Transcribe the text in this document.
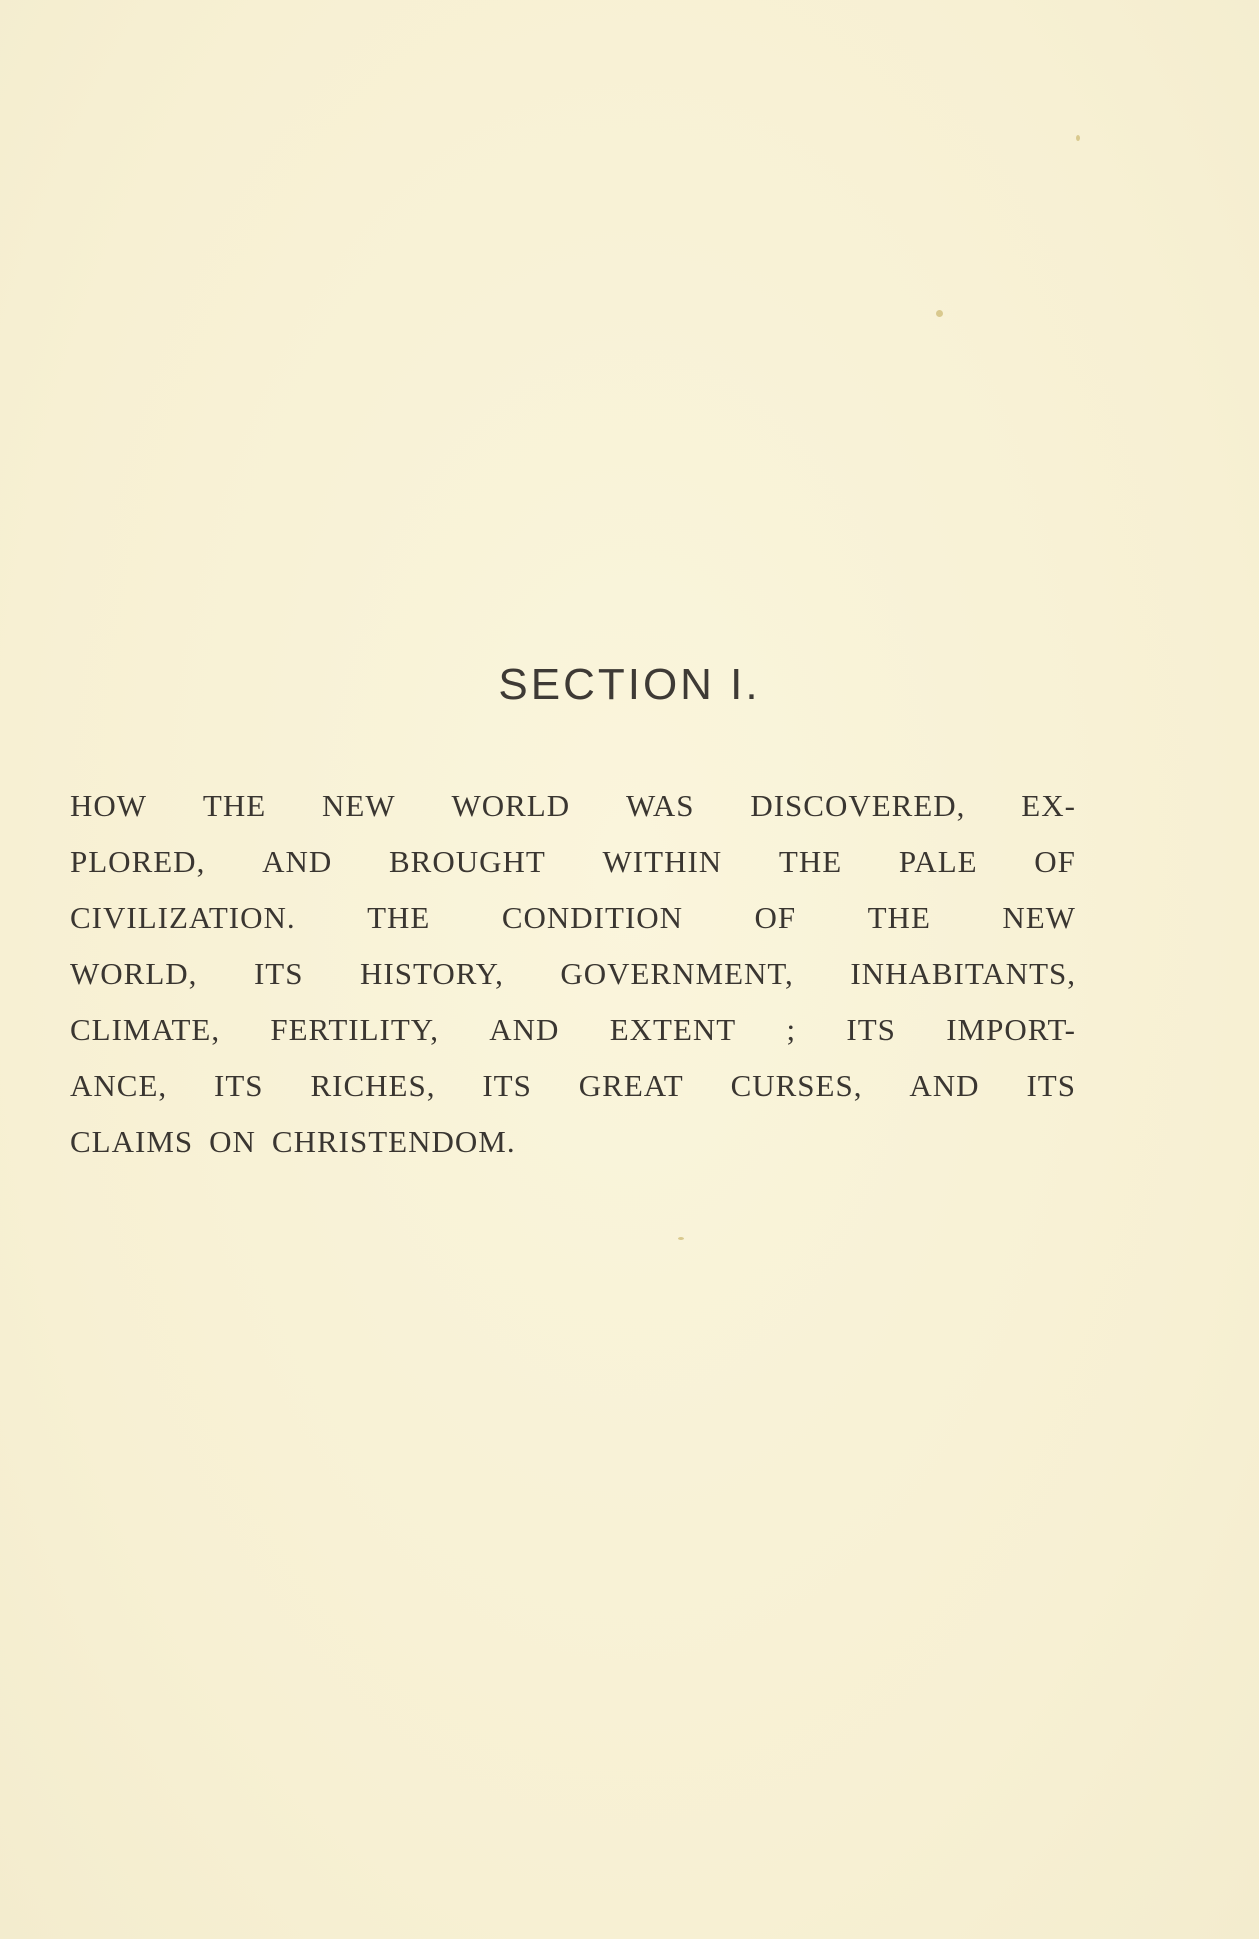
SECTION I.
HOW THE NEW WORLD WAS DISCOVERED, EX-
PLORED, AND BROUGHT WITHIN THE PALE OF
CIVILIZATION. THE CONDITION OF THE NEW
WORLD, ITS HISTORY, GOVERNMENT, INHABITANTS,
CLIMATE, FERTILITY, AND EXTENT ; ITS IMPORT-
ANCE, ITS RICHES, ITS GREAT CURSES, AND ITS
CLAIMS ON CHRISTENDOM.
